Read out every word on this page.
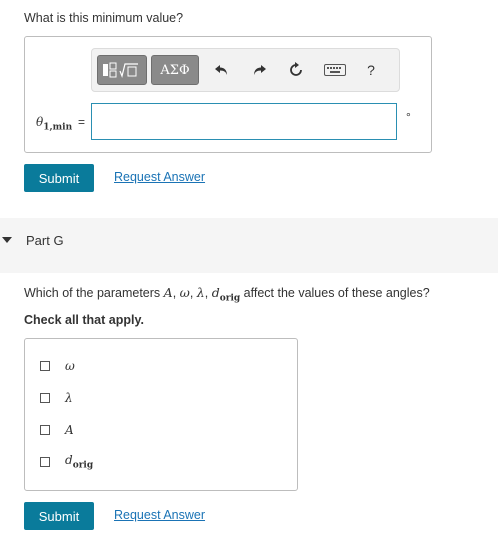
What is this minimum value?
ΑΣΦ	?
$\theta_{1,min}$ =	°
Submit	Request Answer
Part G
Which of the parameters A, ω, λ, $d_{orig}$ affect the values of these angles?
Check all that apply.
ω
λ
A
$d_{orig}$
Submit	Request Answer
